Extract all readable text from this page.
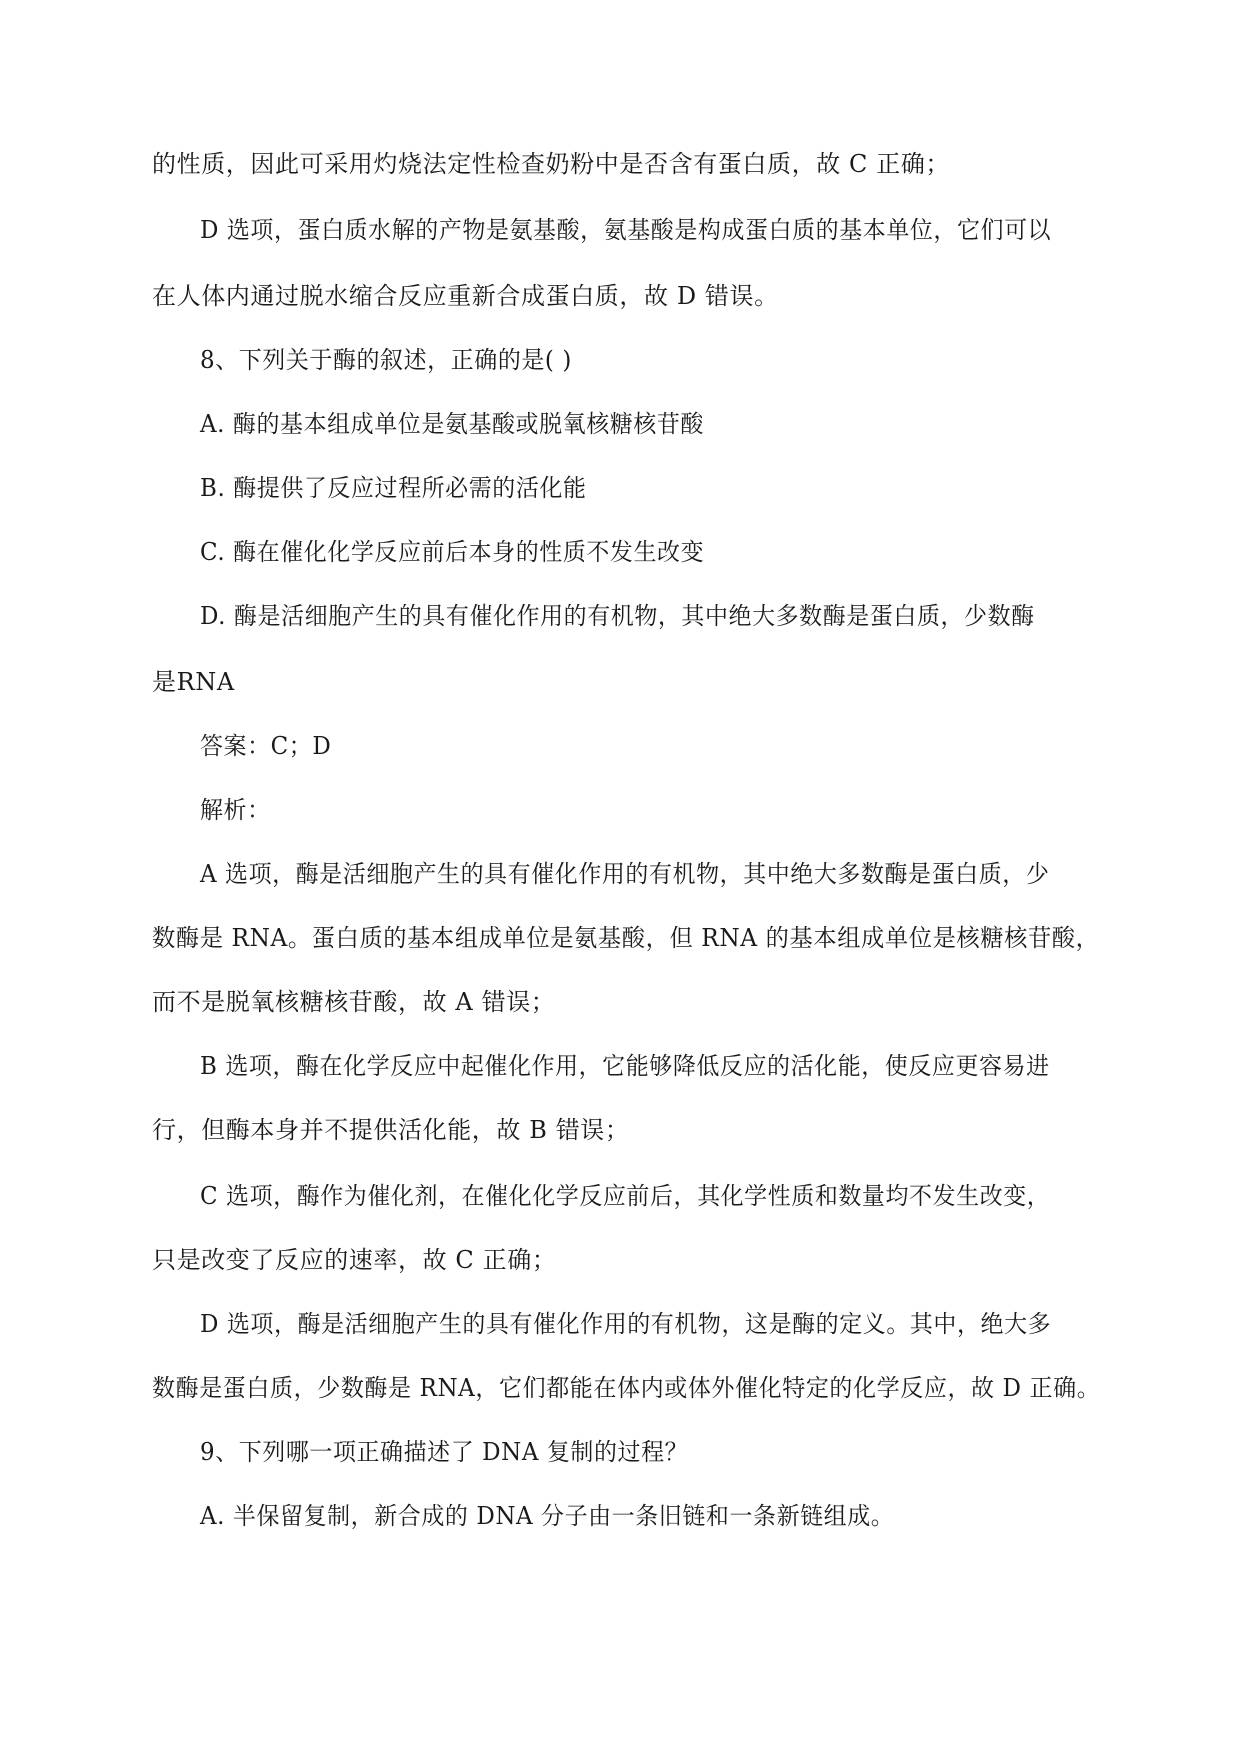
的性质，因此可采用灼烧法定性检查奶粉中是否含有蛋白质，故 C 正确；
D 选项，蛋白质水解的产物是氨基酸，氨基酸是构成蛋白质的基本单位，它们可以
在人体内通过脱水缩合反应重新合成蛋白质，故 D 错误。
8、下列关于酶的叙述，正确的是( )
A. 酶的基本组成单位是氨基酸或脱氧核糖核苷酸
B. 酶提供了反应过程所必需的活化能
C. 酶在催化化学反应前后本身的性质不发生改变
D. 酶是活细胞产生的具有催化作用的有机物，其中绝大多数酶是蛋白质，少数酶
是RNA
答案：C；D
解析：
A 选项，酶是活细胞产生的具有催化作用的有机物，其中绝大多数酶是蛋白质，少
数酶是 RNA。蛋白质的基本组成单位是氨基酸，但 RNA 的基本组成单位是核糖核苷酸，
而不是脱氧核糖核苷酸，故 A 错误；
B 选项，酶在化学反应中起催化作用，它能够降低反应的活化能，使反应更容易进
行，但酶本身并不提供活化能，故 B 错误；
C 选项，酶作为催化剂，在催化化学反应前后，其化学性质和数量均不发生改变，
只是改变了反应的速率，故 C 正确；
D 选项，酶是活细胞产生的具有催化作用的有机物，这是酶的定义。其中，绝大多
数酶是蛋白质，少数酶是 RNA，它们都能在体内或体外催化特定的化学反应，故 D 正确。
9、下列哪一项正确描述了 DNA 复制的过程？
A. 半保留复制，新合成的 DNA 分子由一条旧链和一条新链组成。
